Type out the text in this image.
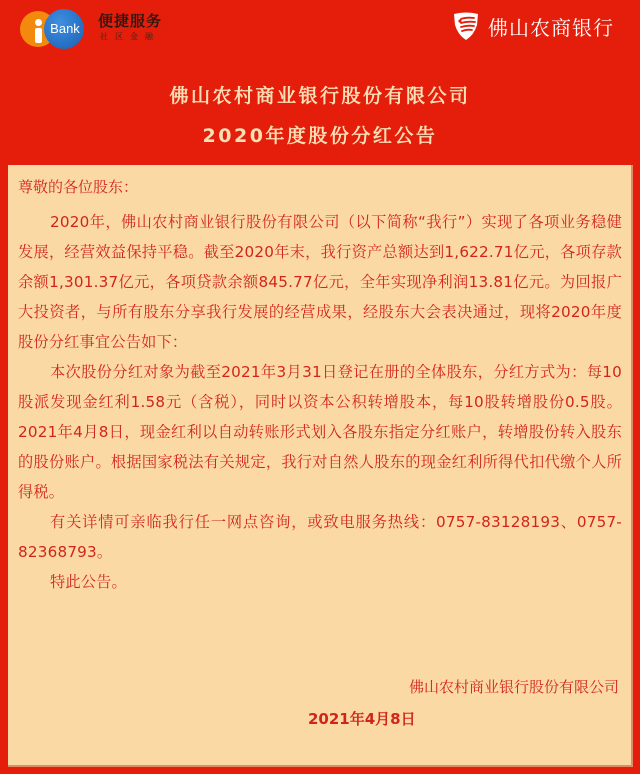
Bank 便捷服务
社区金融	佛山农商银行
佛山农村商业银行股份有限公司
2020年度股份分红公告
尊敬的各位股东：

2020年，佛山农村商业银行股份有限公司（以下简称“我行”）实现了各项业务稳健发展，经营效益保持平稳。截至2020年末，我行资产总额达到1,622.71亿元，各项存款余额1,301.37亿元，各项贷款余额845.77亿元，全年实现净利润13.81亿元。为回报广大投资者，与所有股东分享我行发展的经营成果，经股东大会表决通过，现将2020年度股份分红事宜公告如下：

本次股份分红对象为截至2021年3月31日登记在册的全体股东，分红方式为：每10股派发现金红利1.58元（含税），同时以资本公积转增股本，每10股转增股份0.5股。2021年4月8日，现金红利以自动转账形式划入各股东指定分红账户，转增股份转入股东的股份账户。根据国家税法有关规定，我行对自然人股东的现金红利所得代扣代缴个人所得税。

有关详情可亲临我行任一网点咨询，或致电服务热线：0757-83128193、0757-82368793。

特此公告。

佛山农村商业银行股份有限公司
2021年4月8日
